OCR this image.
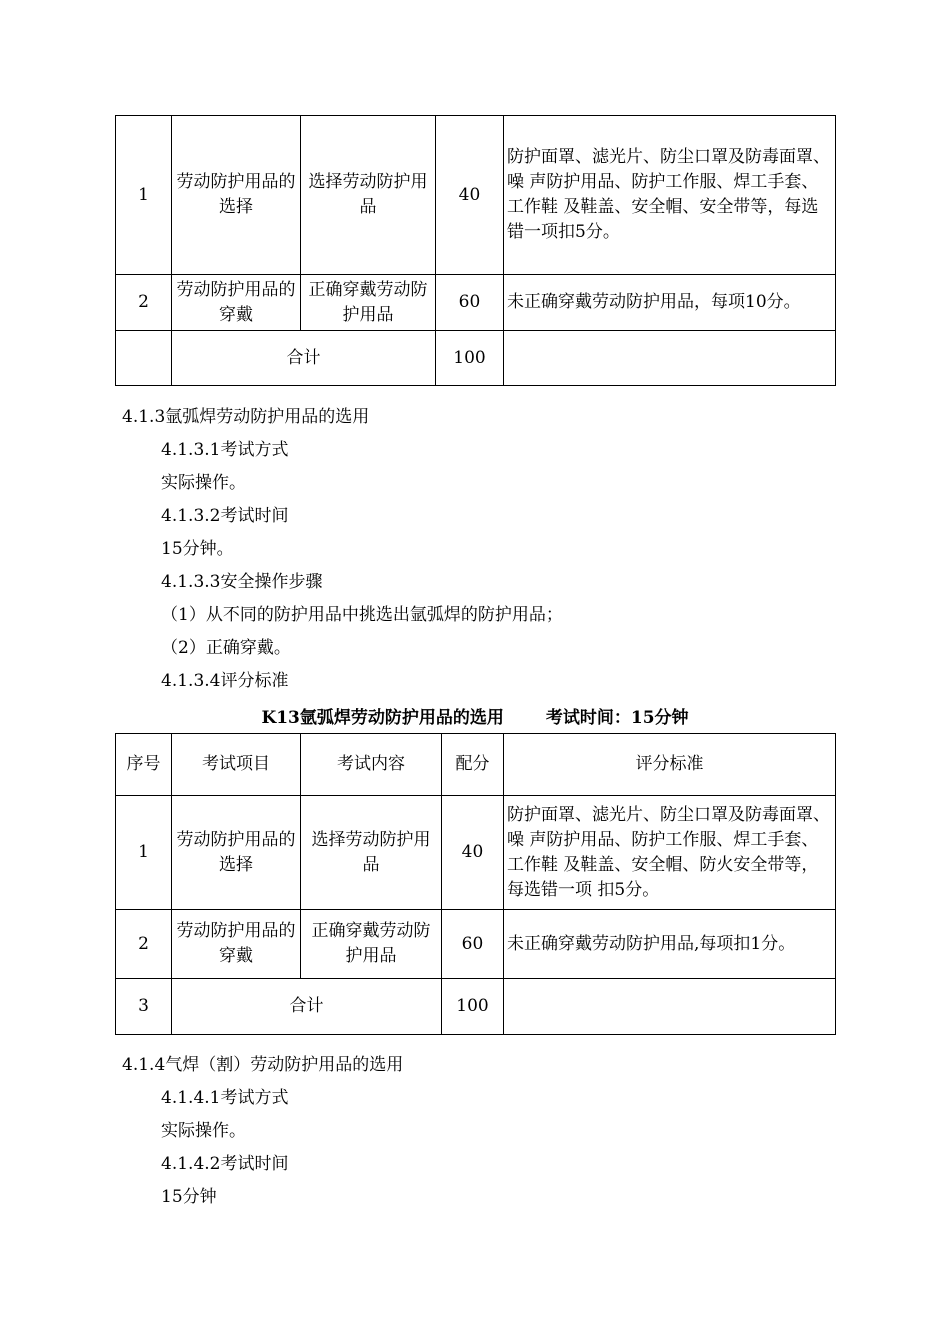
1	劳动防护用品的选择	选择劳动防护用品	40	防护面罩、滤光片、防尘口罩及防毒面罩、噪 声防护用品、防护工作服、焊工手套、工作鞋 及鞋盖、安全帽、安全带等，每选错一项扣5分。
2	劳动防护用品的穿戴	正确穿戴劳动防护用品	60	未正确穿戴劳动防护用品，每项10分。
	合计		100	
4.1.3氩弧焊劳动防护用品的选用
4.1.3.1考试方式
实际操作。
4.1.3.2考试时间
15分钟。
4.1.3.3安全操作步骤
（1）从不同的防护用品中挑选出氩弧焊的防护用品；
（2）正确穿戴。
4.1.3.4评分标准
K13氩弧焊劳动防护用品的选用 考试时间：15分钟
序号	考试项目	考试内容	配分	评分标准
1	劳动防护用品的选择	选择劳动防护用品	40	防护面罩、滤光片、防尘口罩及防毒面罩、噪 声防护用品、防护工作服、焊工手套、工作鞋 及鞋盖、安全帽、防火安全带等，每选错一项 扣5分。
2	劳动防护用品的穿戴	正确穿戴劳动防护用品	60	未正确穿戴劳动防护用品,每项扣1分。
3	合计		100	
4.1.4气焊（割）劳动防护用品的选用
4.1.4.1考试方式
实际操作。
4.1.4.2考试时间
15分钟
